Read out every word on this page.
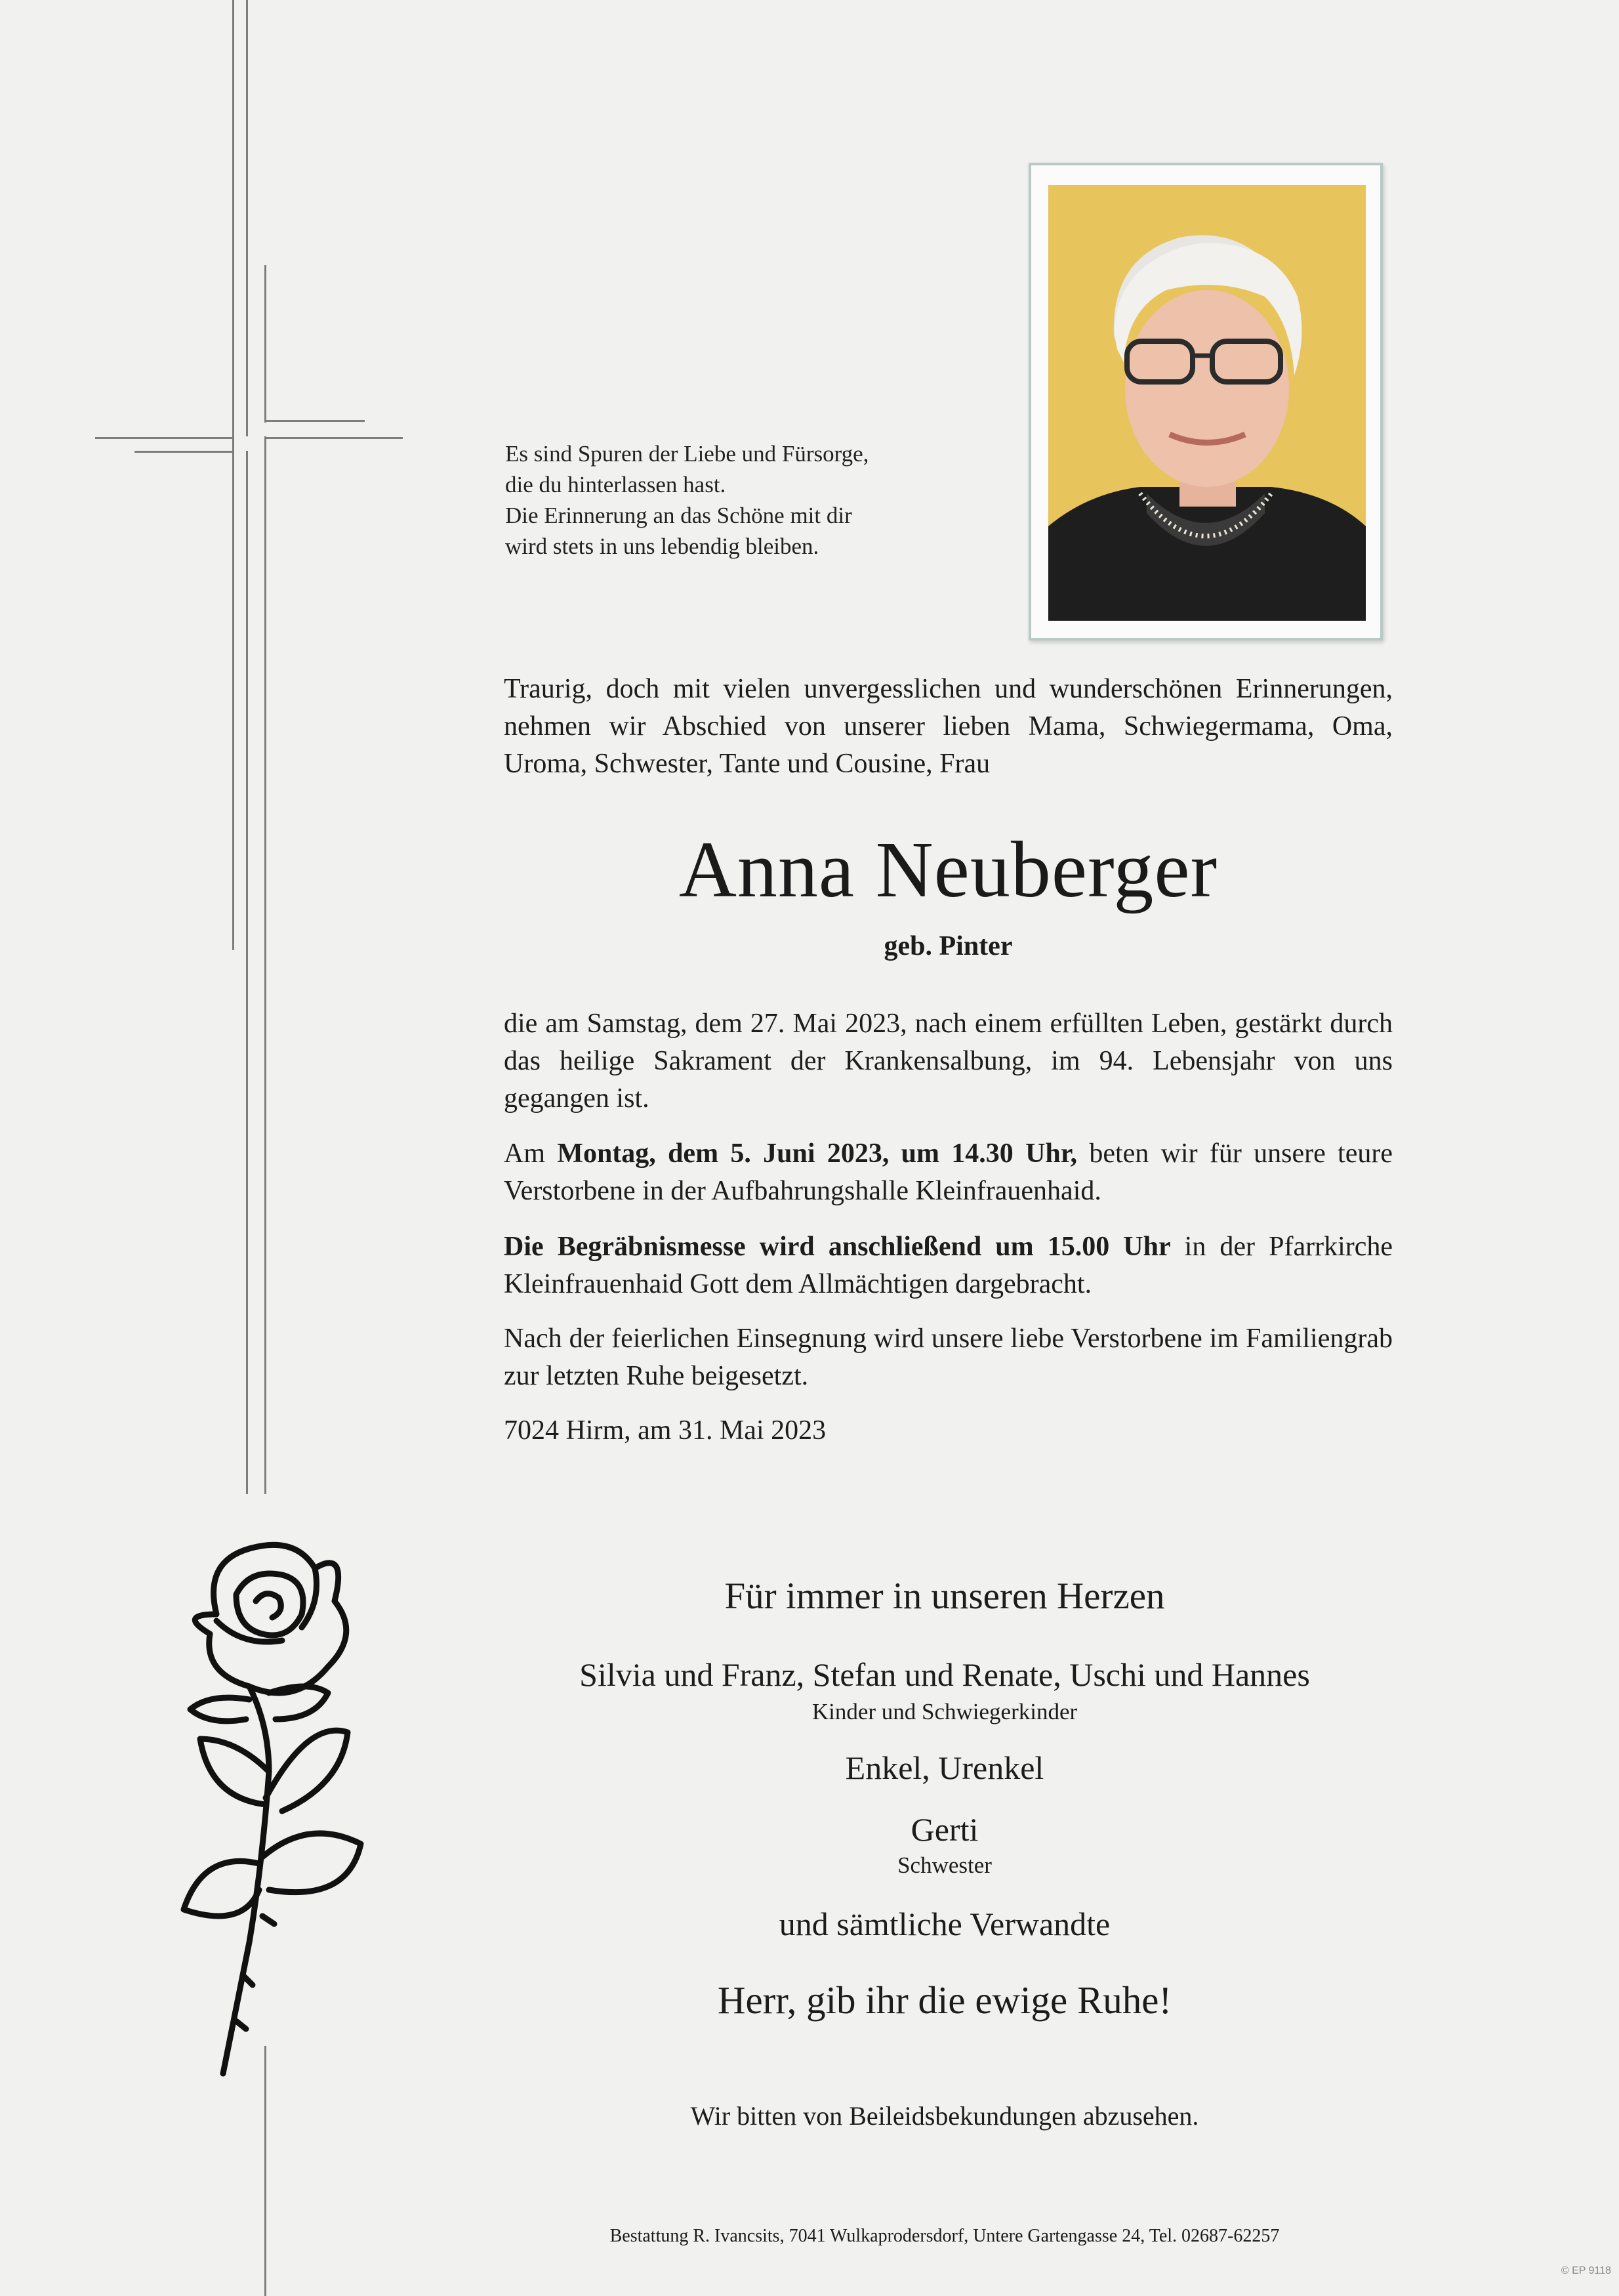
Es sind Spuren der Liebe und Fürsorge,

die du hinterlassen hast.

Die Erinnerung an das Schöne mit dir

wird stets in uns lebendig bleiben.

Traurig, doch mit vielen unvergesslichen und wunderschönen Erinnerungen, nehmen wir Abschied von unserer lieben Mama, Schwiegermama, Oma, Uroma, Schwester, Tante und Cousine, Frau

Anna Neuberger
geb. Pinter

die am Samstag, dem 27. Mai 2023, nach einem erfüllten Leben, gestärkt durch das heilige Sakrament der Krankensalbung, im 94. Lebensjahr von uns gegangen ist.

Am Montag, dem 5. Juni 2023, um 14.30 Uhr, beten wir für unsere teure Verstorbene in der Aufbahrungshalle Kleinfrauenhaid.

Die Begräbnismesse wird anschließend um 15.00 Uhr in der Pfarrkirche Kleinfrauenhaid Gott dem Allmächtigen dargebracht.

Nach der feierlichen Einsegnung wird unsere liebe Verstorbene im Familiengrab zur letzten Ruhe beigesetzt.

7024 Hirm, am 31. Mai 2023

Für immer in unseren Herzen
Silvia und Franz, Stefan und Renate, Uschi und Hannes
Kinder und Schwiegerkinder
Enkel, Urenkel
Gerti
Schwester
und sämtliche Verwandte
Herr, gib ihr die ewige Ruhe!
Wir bitten von Beileidsbekundungen abzusehen.
Bestattung R. Ivancsits, 7041 Wulkaprodersdorf, Untere Gartengasse 24, Tel. 02687-62257
© EP 9118
